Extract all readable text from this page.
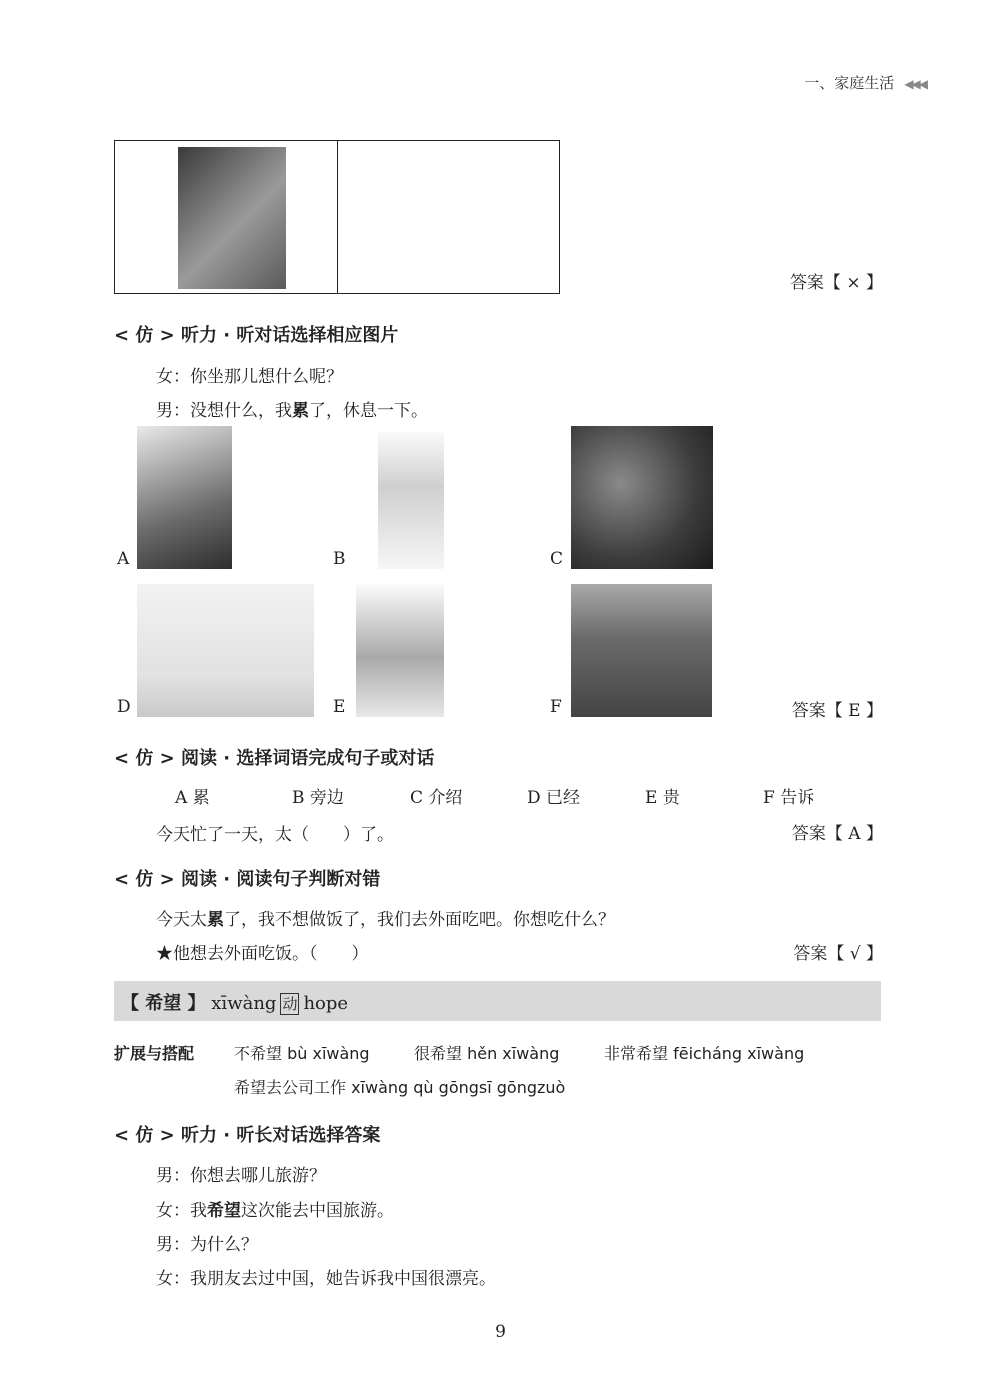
一、家庭生活 ◀◀◀
答案【 × 】
< 仿 > 听力 · 听对话选择相应图片
女：你坐那儿想什么呢？
男：没想什么，我累了，休息一下。
A	B	C
D	E	F	答案【 E 】
< 仿 > 阅读 · 选择词语完成句子或对话
A 累	B 旁边	C 介绍	D 已经	E 贵	F 告诉
今天忙了一天，太（　　）了。	答案【 A 】
< 仿 > 阅读 · 阅读句子判断对错
今天太累了，我不想做饭了，我们去外面吃吧。你想吃什么？
★他想去外面吃饭。（　　）	答案【 √ 】
【 希望 】 xīwàng 动 hope
扩展与搭配 不希望 bù xīwàng	很希望 hěn xīwàng	非常希望 fēicháng xīwàng
希望去公司工作 xīwàng qù gōngsī gōngzuò
< 仿 > 听力 · 听长对话选择答案
男：你想去哪儿旅游？
女：我希望这次能去中国旅游。
男：为什么？
女：我朋友去过中国，她告诉我中国很漂亮。
9
